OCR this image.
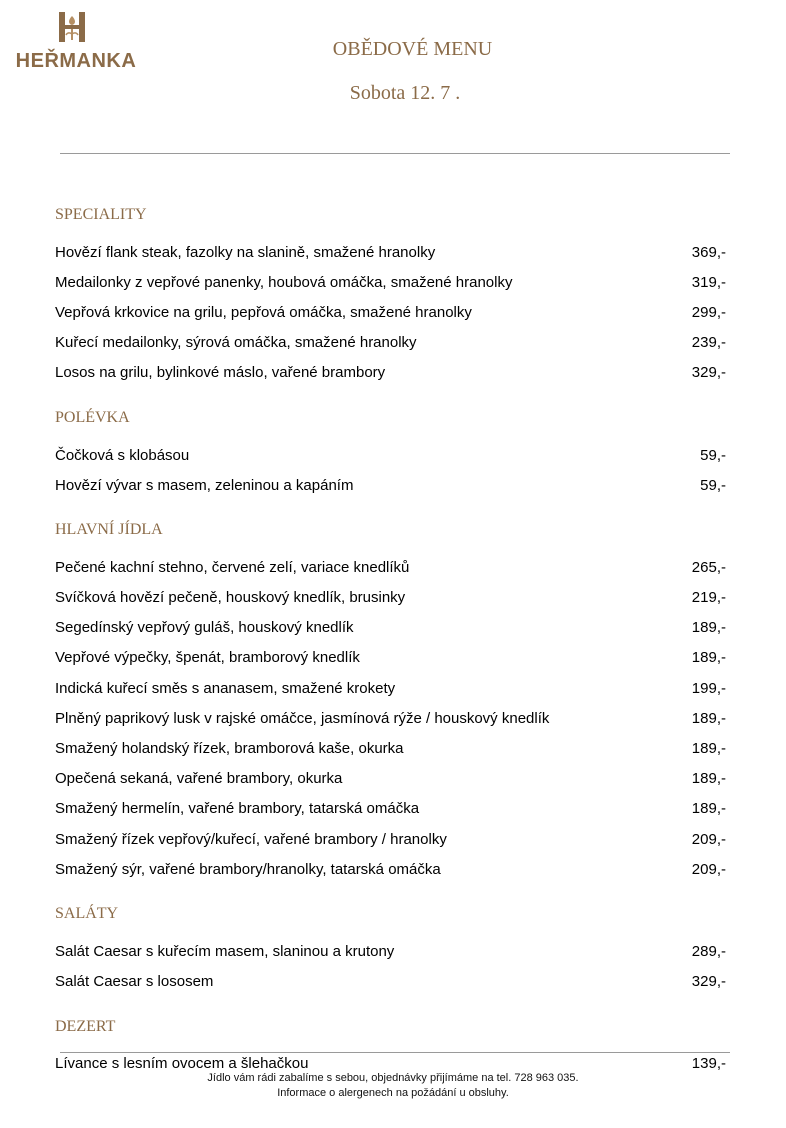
HEŘMANKA
OBĚDOVÉ MENU
Sobota 12. 7 .
SPECIALITY
Hovězí flank steak, fazolky na slanině, smažené hranolky	369,-
Medailonky z vepřové panenky, houbová omáčka, smažené hranolky	319,-
Vepřová krkovice na grilu, pepřová omáčka, smažené hranolky	299,-
Kuřecí medailonky, sýrová omáčka, smažené hranolky	239,-
Losos na grilu, bylinkové máslo, vařené brambory	329,-
POLÉVKA
Čočková s klobásou	59,-
Hovězí vývar s masem, zeleninou a kapáním	59,-
HLAVNÍ JÍDLA
Pečené kachní stehno, červené zelí, variace knedlíků	265,-
Svíčková hovězí pečeně, houskový knedlík, brusinky	219,-
Segedínský vepřový guláš, houskový knedlík	189,-
Vepřové výpečky, špenát, bramborový knedlík	189,-
Indická kuřecí směs s ananasem, smažené krokety	199,-
Plněný paprikový lusk v rajské omáčce, jasmínová rýže / houskový knedlík	189,-
Smažený holandský řízek, bramborová kaše, okurka	189,-
Opečená sekaná, vařené brambory, okurka	189,-
Smažený hermelín, vařené brambory, tatarská omáčka	189,-
Smažený řízek vepřový/kuřecí, vařené brambory / hranolky	209,-
Smažený sýr, vařené brambory/hranolky, tatarská omáčka	209,-
SALÁTY
Salát Caesar s kuřecím masem, slaninou a krutony	289,-
Salát Caesar s lososem	329,-
DEZERT
Lívance s lesním ovocem a šlehačkou	139,-
Jídlo vám rádi zabalíme s sebou, objednávky přijímáme na tel. 728 963 035.
Informace o alergenech na požádání u obsluhy.
